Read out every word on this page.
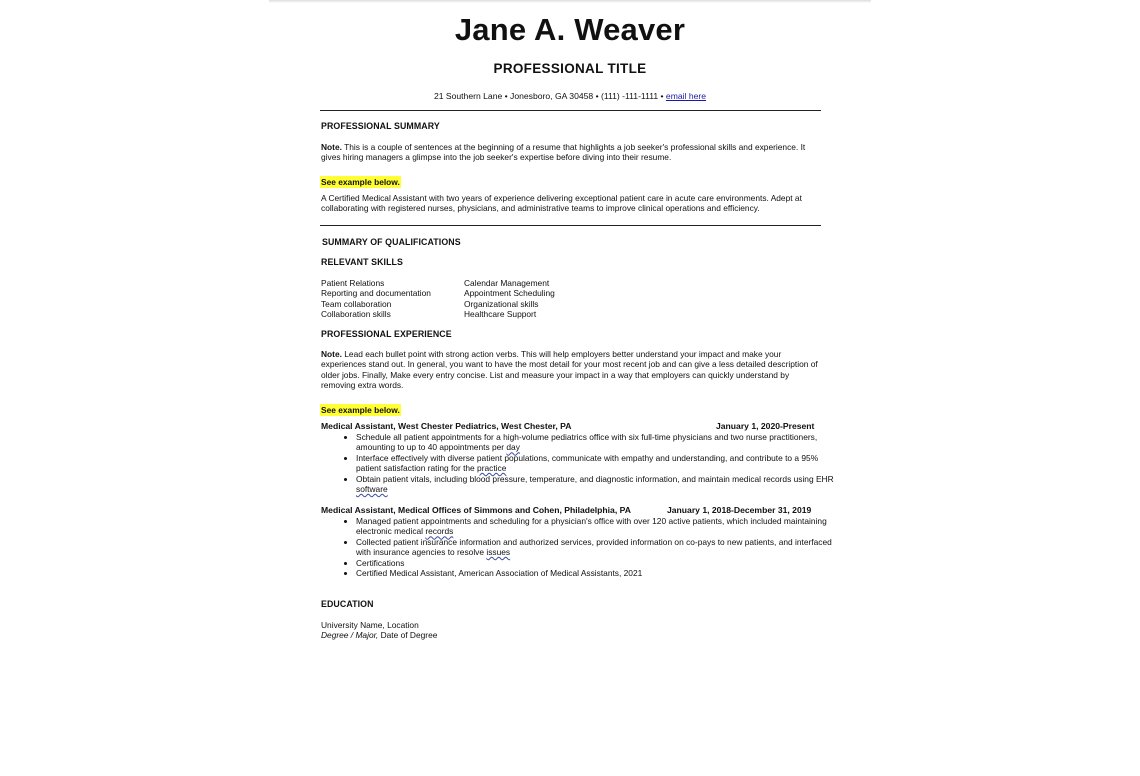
Jane A. Weaver
PROFESSIONAL TITLE
21 Southern Lane • Jonesboro, GA 30458 • (111) -111-1111 • email here
PROFESSIONAL SUMMARY
Note. This is a couple of sentences at the beginning of a resume that highlights a job seeker's professional skills and experience. It gives hiring managers a glimpse into the job seeker's expertise before diving into their resume.
See example below.
A Certified Medical Assistant with two years of experience delivering exceptional patient care in acute care environments. Adept at collaborating with registered nurses, physicians, and administrative teams to improve clinical operations and efficiency.
SUMMARY OF QUALIFICATIONS
RELEVANT SKILLS
Patient Relations
Reporting and documentation
Team collaboration
Collaboration skills
Calendar Management
Appointment Scheduling
Organizational skills
Healthcare Support
PROFESSIONAL EXPERIENCE
Note. Lead each bullet point with strong action verbs. This will help employers better understand your impact and make your experiences stand out. In general, you want to have the most detail for your most recent job and can give a less detailed description of older jobs. Finally, Make every entry concise. List and measure your impact in a way that employers can quickly understand by removing extra words.
See example below.
Medical Assistant, West Chester Pediatrics, West Chester, PA	January 1, 2020-Present
• Schedule all patient appointments for a high-volume pediatrics office with six full-time physicians and two nurse practitioners, amounting to up to 40 appointments per day
• Interface effectively with diverse patient populations, communicate with empathy and understanding, and contribute to a 95% patient satisfaction rating for the practice
• Obtain patient vitals, including blood pressure, temperature, and diagnostic information, and maintain medical records using EHR software
Medical Assistant, Medical Offices of Simmons and Cohen, Philadelphia, PA	January 1, 2018-December 31, 2019
• Managed patient appointments and scheduling for a physician's office with over 120 active patients, which included maintaining electronic medical records
• Collected patient insurance information and authorized services, provided information on co-pays to new patients, and interfaced with insurance agencies to resolve issues
• Certifications
• Certified Medical Assistant, American Association of Medical Assistants, 2021
EDUCATION
University Name, Location
Degree / Major, Date of Degree
